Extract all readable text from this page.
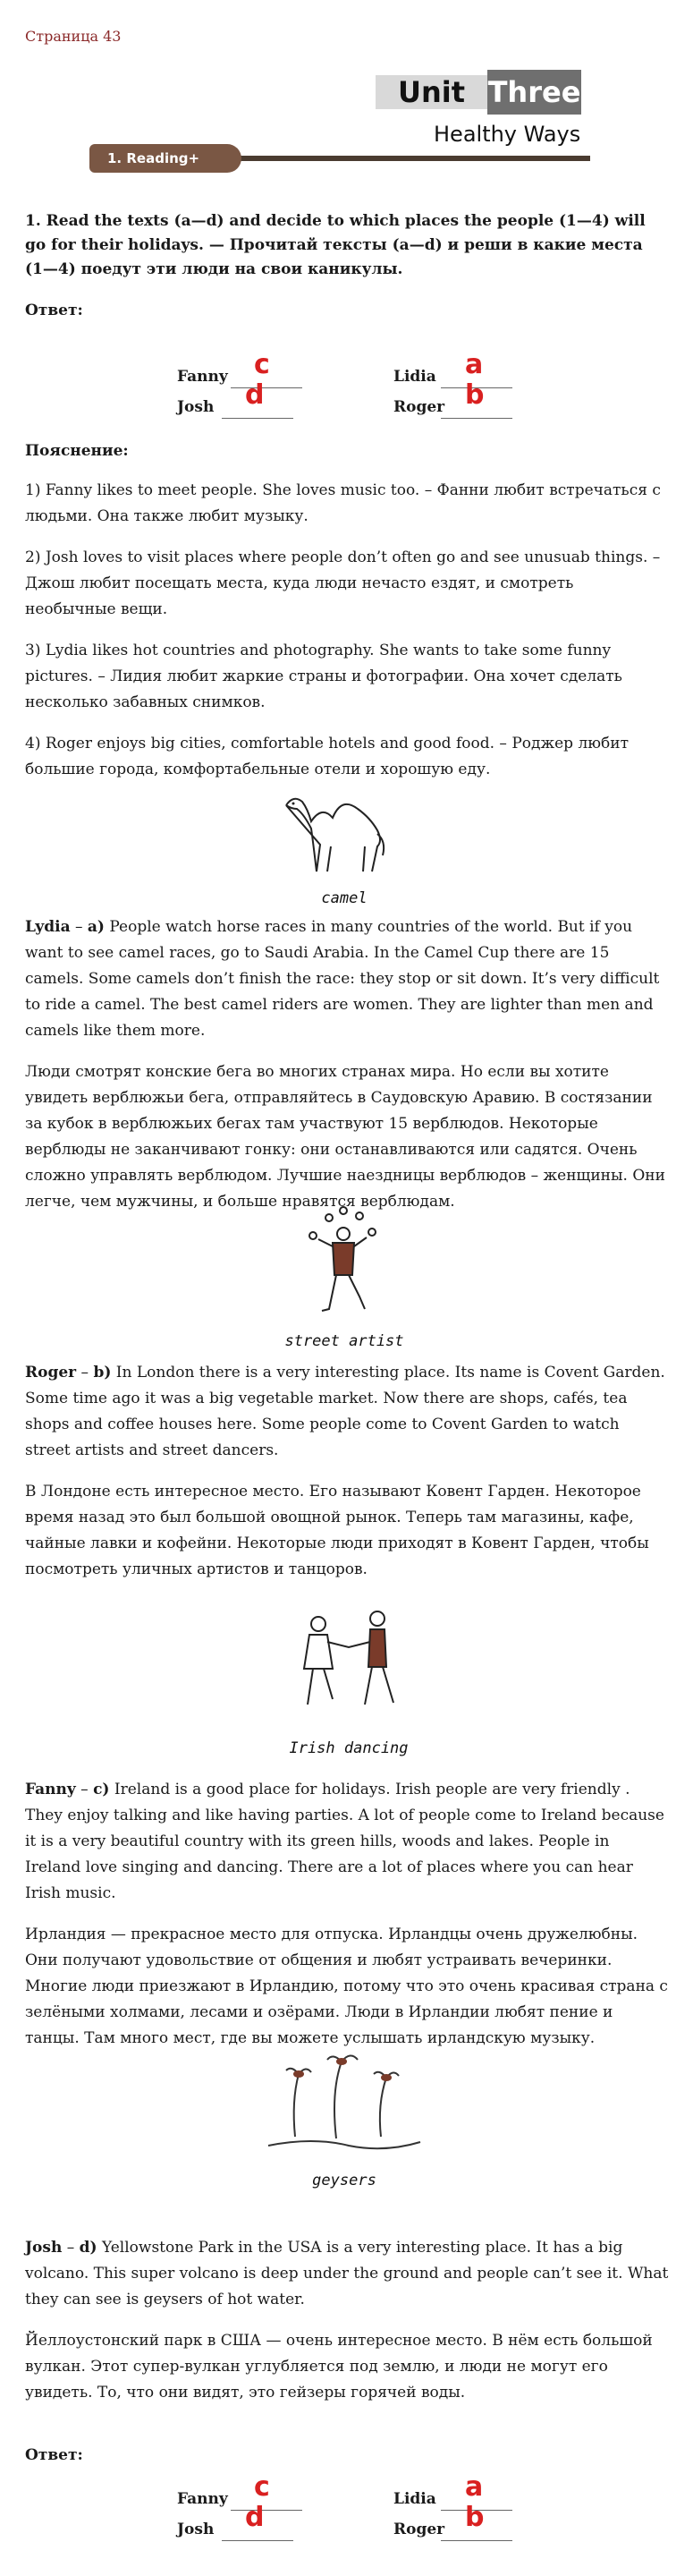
Страница 43
Unit Three
Healthy Ways
1. Reading+
1. Read the texts (a—d) and decide to which places the people (1—4) will go for their holidays. — Прочитай тексты (a—d) и реши в какие места (1—4) поедут эти люди на свои каникулы.
Ответ:
Fanny c	Lidia a
Josh d	Roger b
Пояснение:

1) Fanny likes to meet people. She loves music too. – Фанни любит встречаться с людьми. Она также любит музыку.

2) Josh loves to visit places where people don’t often go and see unusuab things. – Джош любит посещать места, куда люди нечасто ездят, и смотреть необычные вещи.

3) Lydia likes hot countries and photography. She wants to take some funny pictures. – Лидия любит жаркие страны и фотографии. Она хочет сделать несколько забавных снимков.

4) Roger enjoys big cities, comfortable hotels and good food. – Роджер любит большие города, комфортабельные отели и хорошую еду.

camel

Lydia – a) People watch horse races in many countries of the world. But if you want to see camel races, go to Saudi Arabia. In the Camel Cup there are 15 camels. Some camels don’t finish the race: they stop or sit down. It’s very difficult to ride a camel. The best camel riders are women. They are lighter than men and camels like them more.

Люди смотрят конские бега во многих странах мира. Но если вы хотите увидеть верблюжьи бега, отправляйтесь в Саудовскую Аравию. В состязании за кубок в верблюжьих бегах там участвуют 15 верблюдов. Некоторые верблюды не заканчивают гонку: они останавливаются или садятся. Очень сложно управлять верблюдом. Лучшие наездницы верблюдов – женщины. Они легче, чем мужчины, и больше нравятся верблюдам.

street artist

Roger – b) In London there is a very interesting place. Its name is Covent Garden. Some time ago it was a big vegetable market. Now there are shops, cafés, tea shops and coffee houses here. Some people come to Covent Garden to watch street artists and street dancers.

В Лондоне есть интересное место. Его называют Ковент Гарден. Некоторое время назад это был большой овощной рынок. Теперь там магазины, кафе, чайные лавки и кофейни. Некоторые люди приходят в Ковент Гарден, чтобы посмотреть уличных артистов и танцоров.

Irish dancing

Fanny – c) Ireland is a good place for holidays. Irish people are very friendly . They enjoy talking and like having parties. A lot of people come to Ireland because it is a very beautiful country with its green hills, woods and lakes. People in Ireland love singing and dancing. There are a lot of places where you can hear Irish music.

Ирландия — прекрасное место для отпуска. Ирландцы очень дружелюбны. Они получают удовольствие от общения и любят устраивать вечеринки. Многие люди приезжают в Ирландию, потому что это очень красивая страна с зелёными холмами, лесами и озёрами. Люди в Ирландии любят пение и танцы. Там много мест, где вы можете услышать ирландскую музыку.

geysers

Josh – d) Yellowstone Park in the USA is a very interesting place. It has a big volcano. This super volcano is deep under the ground and people can’t see it. What they can see is geysers of hot water.

Йеллоустонский парк в США — очень интересное место. В нём есть большой вулкан. Этот супер-вулкан углубляется под землю, и люди не могут его увидеть. То, что они видят, это гейзеры горячей воды.

Ответ:
Fanny c	Lidia a
Josh d	Roger b
